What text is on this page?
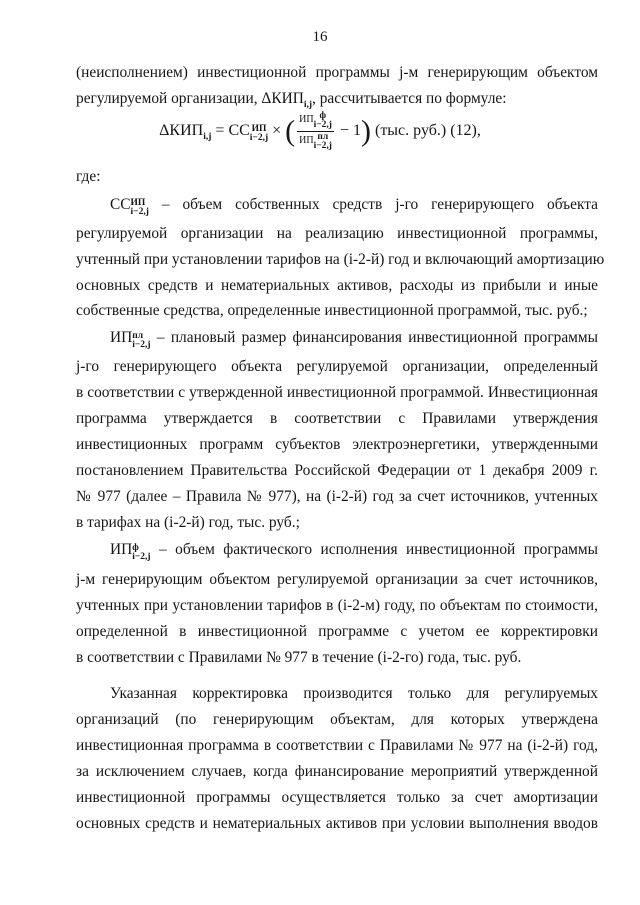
16
(неисполнением) инвестиционной программы j-м генерирующим объектом
регулируемой организации, $\Delta КИП_{i,j}$, рассчитывается по формуле:
$\Delta КИП_{i,j}$ = СС ИП
i−2,j × ( ИП ф
i−2,j
ИП пл
i−2,j − 1) (тыс. руб.) (12),
где:
СС ИП
i−2,j – объем собственных средств j-го генерирующего объекта
регулируемой организации на реализацию инвестиционной программы,
учтенный при установлении тарифов на (i-2-й) год и включающий амортизацию
основных средств и нематериальных активов, расходы из прибыли и иные
собственные средства, определенные инвестиционной программой, тыс. руб.;
ИП пл
i−2,j – плановый размер финансирования инвестиционной программы
j-го генерирующего объекта регулируемой организации, определенный
в соответствии с утвержденной инвестиционной программой. Инвестиционная
программа утверждается в соответствии с Правилами утверждения
инвестиционных программ субъектов электроэнергетики, утвержденными
постановлением Правительства Российской Федерации от 1 декабря 2009 г.
№ 977 (далее – Правила № 977), на (i-2-й) год за счет источников, учтенных
в тарифах на (i-2-й) год, тыс. руб.;
ИП ф
i−2,j – объем фактического исполнения инвестиционной программы
j-м генерирующим объектом регулируемой организации за счет источников,
учтенных при установлении тарифов в (i-2-м) году, по объектам по стоимости,
определенной в инвестиционной программе с учетом ее корректировки
в соответствии с Правилами № 977 в течение (i-2-го) года, тыс. руб.
Указанная корректировка производится только для регулируемых
организаций (по генерирующим объектам, для которых утверждена
инвестиционная программа в соответствии с Правилами № 977 на (i-2-й) год,
за исключением случаев, когда финансирование мероприятий утвержденной
инвестиционной программы осуществляется только за счет амортизации
основных средств и нематериальных активов при условии выполнения вводов
